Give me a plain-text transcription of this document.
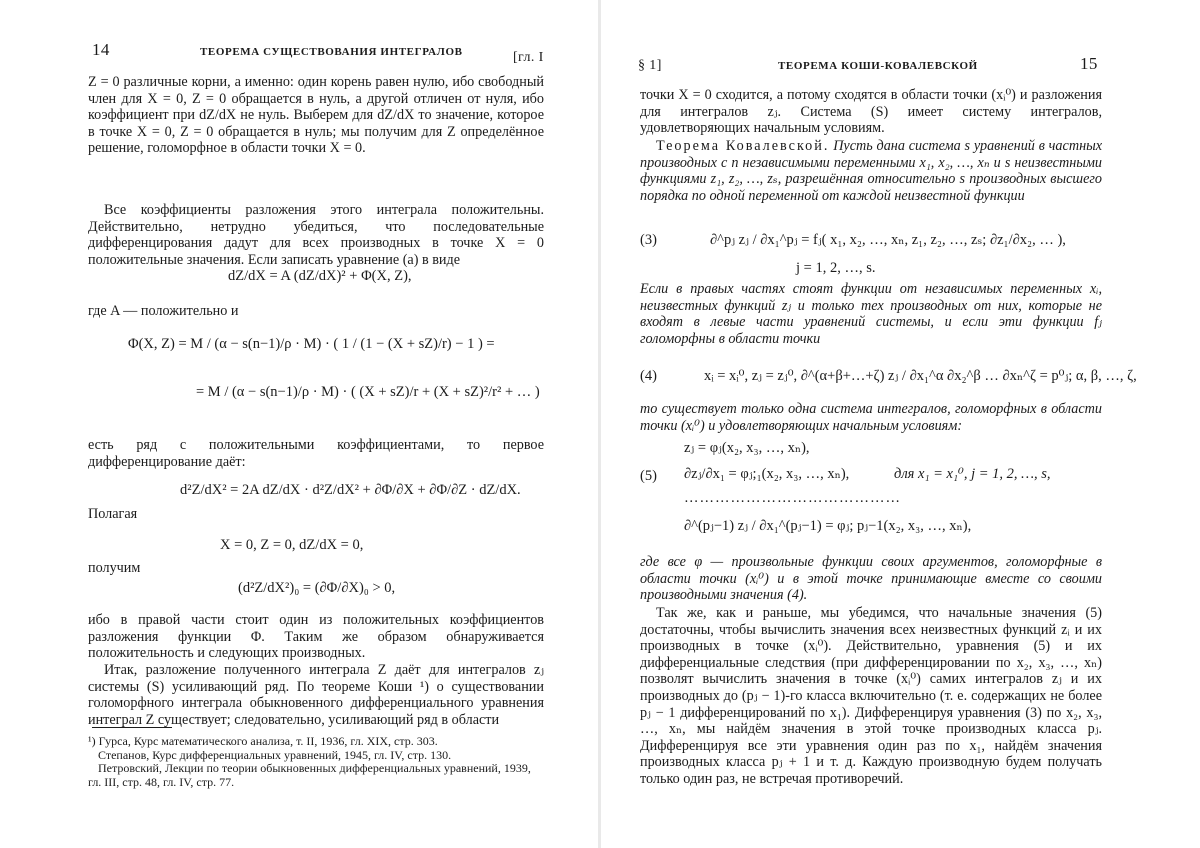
14	ТЕОРЕМА СУЩЕСТВОВАНИЯ ИНТЕГРАЛОВ	[гл. I

Z = 0 различные корни, а именно: один корень равен нулю, ибо свободный член для X = 0, Z = 0 обращается в нуль, а другой отличен от нуля, ибо коэффициент при dZ/dX не нуль. Выберем для dZ/dX то значение, которое в точке X = 0, Z = 0 обращается в нуль; мы получим для Z определённое решение, голоморфное в области точки X = 0.

Все коэффициенты разложения этого интеграла положительны. Действительно, нетрудно убедиться, что последовательные дифференцирования дадут для всех производных в точке X = 0 положительные значения. Если записать уравнение (а) в виде

dZ/dX = A (dZ/dX)² + Φ(X, Z),

где A — положительно и

Φ(X, Z) = M / (α − s(n−1)/ρ · M) · ( 1 / (1 − (X + sZ)/r) − 1 ) =
= M / (α − s(n−1)/ρ · M) · ( (X + sZ)/r + (X + sZ)²/r² + … )

есть ряд с положительными коэффициентами, то первое дифференцирование даёт:

d²Z/dX² = 2A dZ/dX · d²Z/dX² + ∂Φ/∂X + ∂Φ/∂Z · dZ/dX.

Полагая

X = 0, Z = 0, dZ/dX = 0,

получим

(d²Z/dX²)₀ = (∂Φ/∂X)₀ > 0,

ибо в правой части стоит один из положительных коэффициентов разложения функции Φ. Таким же образом обнаруживается положительность и следующих производных.

Итак, разложение полученного интеграла Z даёт для интегралов zⱼ системы (S) усиливающий ряд. По теореме Коши ¹) о существовании голоморфного интеграла обыкновенного дифференциального уравнения интеграл Z существует; следовательно, усиливающий ряд в области

¹) Гурса, Курс математического анализа, т. II, 1936, гл. XIX, стр. 303.

Степанов, Курс дифференциальных уравнений, 1945, гл. IV, стр. 130.

Петровский, Лекции по теории обыкновенных дифференциальных уравнений, 1939, гл. III, стр. 48, гл. IV, стр. 77.

§ 1]	ТЕОРЕМА КОШИ-КОВАЛЕВСКОЙ	15

точки X = 0 сходится, а потому сходятся в области точки (xᵢ⁰) и разложения для интегралов zⱼ. Система (S) имеет систему интегралов, удовлетворяющих начальным условиям.

Теорема Ковалевской. Пусть дана система s уравнений в частных производных с n независимыми переменными x₁, x₂, …, xₙ и s неизвестными функциями z₁, z₂, …, zₛ, разрешённая относительно s производных высшего порядка по одной переменной от каждой неизвестной функции

(3)	∂^pⱼ zⱼ / ∂x₁^pⱼ = fⱼ( x₁, x₂, …, xₙ, z₁, z₂, …, zₛ; ∂z₁/∂x₂, … ),
j = 1, 2, …, s.

Если в правых частях стоят функции от независимых переменных xᵢ, неизвестных функций zⱼ и только тех производных от них, которые не входят в левые части уравнений системы, и если эти функции fⱼ голоморфны в области точки

(4)	xᵢ = xᵢ⁰, zⱼ = zⱼ⁰, ∂^(α+β+…+ζ) zⱼ / ∂x₁^α ∂x₂^β … ∂xₙ^ζ = p⁰ⱼ; α, β, …, ζ,

то существует только одна система интегралов, голоморфных в области точки (xᵢ⁰) и удовлетворяющих начальным условиям:

(5)
zⱼ = φⱼ(x₂, x₃, …, xₙ),
∂zⱼ/∂x₁ = φⱼ;₁(x₂, x₃, …, xₙ),	для x₁ = x₁⁰, j = 1, 2, …, s,
……………………………………
∂^(pⱼ−1) zⱼ / ∂x₁^(pⱼ−1) = φⱼ; pⱼ−1(x₂, x₃, …, xₙ),

где все φ — произвольные функции своих аргументов, голоморфные в области точки (xᵢ⁰) и в этой точке принимающие вместе со своими производными значения (4).

Так же, как и раньше, мы убедимся, что начальные значения (5) достаточны, чтобы вычислить значения всех неизвестных функций zᵢ и их производных в точке (xᵢ⁰). Действительно, уравнения (5) и их дифференциальные следствия (при дифференцировании по x₂, x₃, …, xₙ) позволят вычислить значения в точке (xᵢ⁰) самих интегралов zⱼ и их производных до (pⱼ − 1)-го класса включительно (т. е. содержащих не более pⱼ − 1 дифференцирований по x₁). Дифференцируя уравнения (3) по x₂, x₃, …, xₙ, мы найдём значения в этой точке производных класса pⱼ. Дифференцируя все эти уравнения один раз по x₁, найдём значения производных класса pⱼ + 1 и т. д. Каждую производную будем получать только один раз, не встречая противоречий.
